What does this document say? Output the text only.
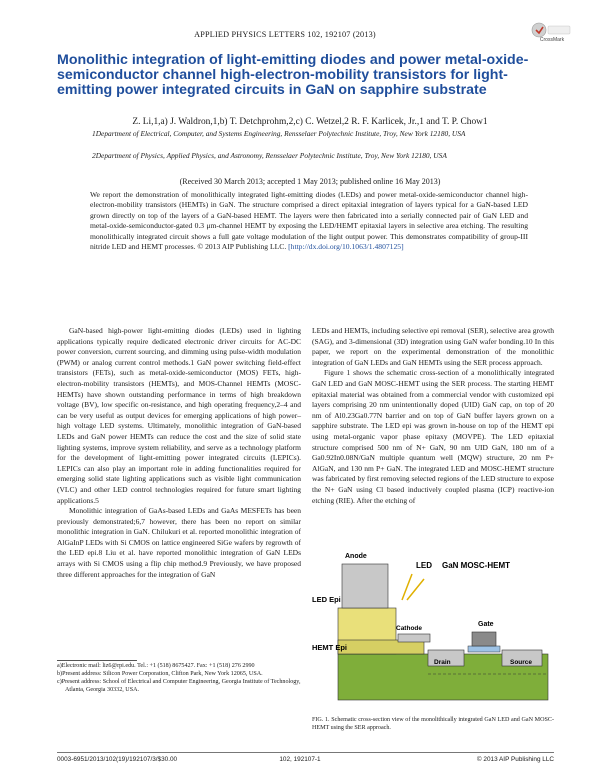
APPLIED PHYSICS LETTERS 102, 192107 (2013)
CrossMark
Monolithic integration of light-emitting diodes and power metal-oxide-semiconductor channel high-electron-mobility transistors for light-emitting power integrated circuits in GaN on sapphire substrate
Z. Li,1,a) J. Waldron,1,b) T. Detchprohm,2,c) C. Wetzel,2 R. F. Karlicek, Jr.,1 and T. P. Chow1
1Department of Electrical, Computer, and Systems Engineering, Rensselaer Polytechnic Institute, Troy, New York 12180, USA
2Department of Physics, Applied Physics, and Astronomy, Rensselaer Polytechnic Institute, Troy, New York 12180, USA
(Received 30 March 2013; accepted 1 May 2013; published online 16 May 2013)
We report the demonstration of monolithically integrated light-emitting diodes (LEDs) and power metal-oxide-semiconductor channel high-electron-mobility transistors (HEMTs) in GaN. The structure comprised a direct epitaxial integration of layers typical for a GaN-based LED grown directly on top of the layers of a GaN-based HEMT. The layers were then fabricated into a serially connected pair of GaN LED and metal-oxide-semiconductor-gated 0.3 μm-channel HEMT by exposing the LED/HEMT epitaxial layers in selective area etching. The resulting monolithically integrated circuit shows a full gate voltage modulation of the light output power. This demonstrates compatibility of group-III nitride LED and HEMT processes. © 2013 AIP Publishing LLC. [http://dx.doi.org/10.1063/1.4807125]

GaN-based high-power light-emitting diodes (LEDs) used in lighting applications typically require dedicated electronic driver circuits for AC-DC power conversion, current sourcing, and dimming using pulse-width modulation (PWM) or analog current control methods.1 GaN power switching field-effect transistors (FETs), such as metal-oxide-semiconductor (MOS) FETs, high-electron-mobility transistors (HEMTs), and MOS-Channel HEMTs (MOSC-HEMTs) have shown outstanding performance in terms of high breakdown voltage (BV), low specific on-resistance, and high operating frequency,2–4 and can be very useful as output devices for emerging applications of high power–high voltage LED systems. Ultimately, monolithic integration of GaN-based LEDs and GaN power HEMTs can reduce the cost and the size of solid state lighting systems, improve system reliability, and serve as a technology platform for the development of light-emitting power integrated circuits (LEPICs). LEPICs can also play an important role in adding functionalities required for emerging solid state lighting applications such as visible light communication (VLC) and other LED control technologies required for future smart lighting applications.5

Monolithic integration of GaAs-based LEDs and GaAs MESFETs has been previously demonstrated;6,7 however, there has been no report on similar monolithic integration in GaN. Chilukuri et al. reported monolithic integration of AlGaInP LEDs with Si CMOS on lattice engineered SiGe wafers by regrowth of the LED epi.8 Liu et al. have reported monolithic integration of GaN LEDs arrays with Si CMOS using a flip chip method.9 Previously, we have proposed three different approaches for the integration of GaN

a)Electronic mail: liz6@rpi.edu. Tel.: +1 (518) 8675427. Fax: +1 (518) 276 2990
b)Present address: Silicon Power Corporation, Clifton Park, New York 12065, USA.
c)Present address: School of Electrical and Computer Engineering, Georgia Institute of Technology, Atlanta, Georgia 30332, USA.

LEDs and HEMTs, including selective epi removal (SER), selective area growth (SAG), and 3-dimensional (3D) integration using GaN wafer bonding.10 In this paper, we report on the experimental demonstration of the monolithic integration of GaN LEDs and GaN HEMTs using the SER process approach.

Figure 1 shows the schematic cross-section of a monolithically integrated GaN LED and GaN MOSC-HEMT using the SER process. The starting HEMT epitaxial material was obtained from a commercial vendor with customized epi layers comprising 20 nm unintentionally doped (UID) GaN cap, on top of 20 nm of Al0.23Ga0.77N barrier and on top of GaN buffer layers grown on a sapphire substrate. The LED epi was grown in-house on top of the HEMT epi using metal-organic vapor phase epitaxy (MOVPE). The LED epitaxial structure comprised 500 nm of N+ GaN, 90 nm UID GaN, 180 nm of a Ga0.92In0.08N/GaN multiple quantum well (MQW) structure, 20 nm P+ AlGaN, and 130 nm P+ GaN. The integrated LED and MOSC-HEMT structure was fabricated by first removing selected regions of the LED structure to expose the N+ GaN using Cl based inductively coupled plasma (ICP) reactive-ion etching (RIE). After the etching of

Anode
LED GaN MOSC-HEMT
LED Epi
Gate
Cathode
HEMT Epi
Drain	Source
FIG. 1. Schematic cross-section view of the monolithically integrated GaN LED and GaN MOSC-HEMT using the SER approach.
0003-6951/2013/102(19)/192107/3/$30.00	102, 192107-1	© 2013 AIP Publishing LLC
